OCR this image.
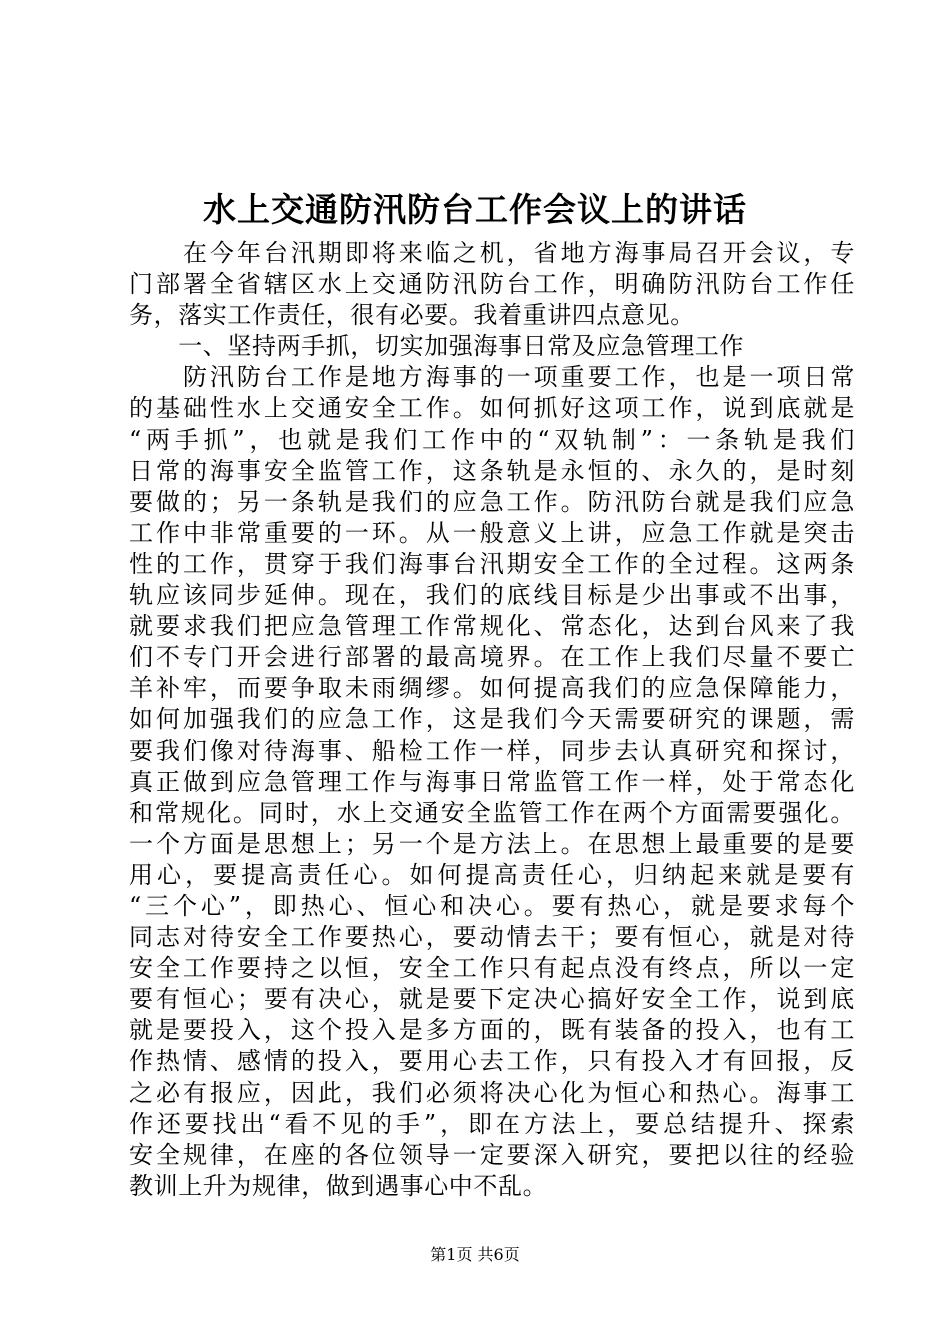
水上交通防汛防台工作会议上的讲话
　　在今年台汛期即将来临之机，省地方海事局召开会议，专
门部署全省辖区水上交通防汛防台工作，明确防汛防台工作任
务，落实工作责任，很有必要。我着重讲四点意见。
　　一、坚持两手抓，切实加强海事日常及应急管理工作
　　防汛防台工作是地方海事的一项重要工作，也是一项日常
的基础性水上交通安全工作。如何抓好这项工作，说到底就是
“两手抓”，也就是我们工作中的“双轨制”：一条轨是我们
日常的海事安全监管工作，这条轨是永恒的、永久的，是时刻
要做的；另一条轨是我们的应急工作。防汛防台就是我们应急
工作中非常重要的一环。从一般意义上讲，应急工作就是突击
性的工作，贯穿于我们海事台汛期安全工作的全过程。这两条
轨应该同步延伸。现在，我们的底线目标是少出事或不出事，
就要求我们把应急管理工作常规化、常态化，达到台风来了我
们不专门开会进行部署的最高境界。在工作上我们尽量不要亡
羊补牢，而要争取未雨绸缪。如何提高我们的应急保障能力，
如何加强我们的应急工作，这是我们今天需要研究的课题，需
要我们像对待海事、船检工作一样，同步去认真研究和探讨，
真正做到应急管理工作与海事日常监管工作一样，处于常态化
和常规化。同时，水上交通安全监管工作在两个方面需要强化。
一个方面是思想上；另一个是方法上。在思想上最重要的是要
用心，要提高责任心。如何提高责任心，归纳起来就是要有
“三个心”，即热心、恒心和决心。要有热心，就是要求每个
同志对待安全工作要热心，要动情去干；要有恒心，就是对待
安全工作要持之以恒，安全工作只有起点没有终点，所以一定
要有恒心；要有决心，就是要下定决心搞好安全工作，说到底
就是要投入，这个投入是多方面的，既有装备的投入，也有工
作热情、感情的投入，要用心去工作，只有投入才有回报，反
之必有报应，因此，我们必须将决心化为恒心和热心。海事工
作还要找出“看不见的手”，即在方法上，要总结提升、探索
安全规律，在座的各位领导一定要深入研究，要把以往的经验
教训上升为规律，做到遇事心中不乱。

第1页 共6页
